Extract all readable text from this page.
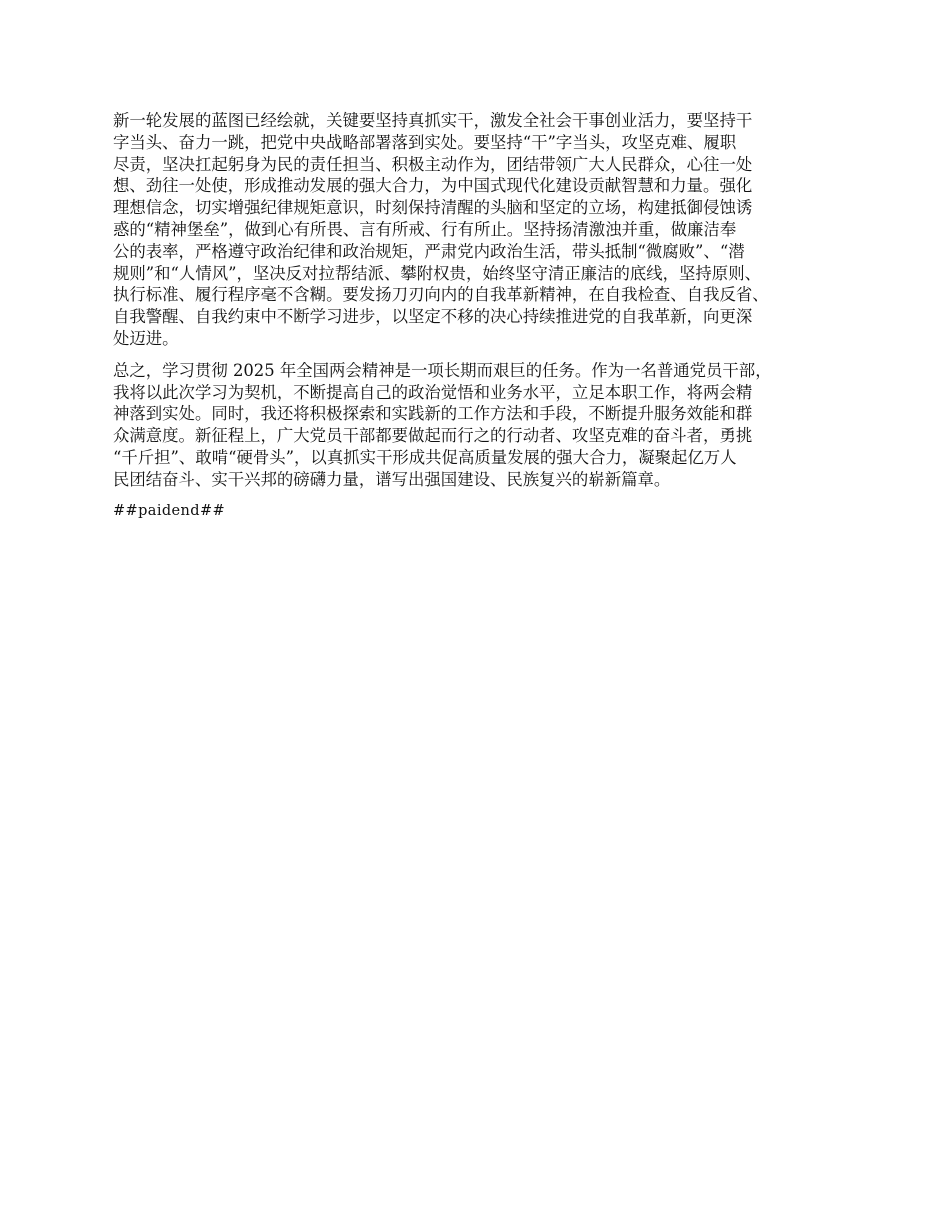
新一轮发展的蓝图已经绘就，关键要坚持真抓实干，激发全社会干事创业活力，要坚持干
字当头、奋力一跳，把党中央战略部署落到实处。要坚持“干”字当头，攻坚克难、履职
尽责，坚决扛起躬身为民的责任担当、积极主动作为，团结带领广大人民群众，心往一处
想、劲往一处使，形成推动发展的强大合力，为中国式现代化建设贡献智慧和力量。强化
理想信念，切实增强纪律规矩意识，时刻保持清醒的头脑和坚定的立场，构建抵御侵蚀诱
惑的“精神堡垒”，做到心有所畏、言有所戒、行有所止。坚持扬清激浊并重，做廉洁奉
公的表率，严格遵守政治纪律和政治规矩，严肃党内政治生活，带头抵制“微腐败”、“潜
规则”和“人情风”，坚决反对拉帮结派、攀附权贵，始终坚守清正廉洁的底线，坚持原则、
执行标准、履行程序毫不含糊。要发扬刀刃向内的自我革新精神，在自我检查、自我反省、
自我警醒、自我约束中不断学习进步，以坚定不移的决心持续推进党的自我革新，向更深
处迈进。
总之，学习贯彻 2025 年全国两会精神是一项长期而艰巨的任务。作为一名普通党员干部，
我将以此次学习为契机，不断提高自己的政治觉悟和业务水平，立足本职工作，将两会精
神落到实处。同时，我还将积极探索和实践新的工作方法和手段，不断提升服务效能和群
众满意度。新征程上，广大党员干部都要做起而行之的行动者、攻坚克难的奋斗者，勇挑
“千斤担”、敢啃“硬骨头”，以真抓实干形成共促高质量发展的强大合力，凝聚起亿万人
民团结奋斗、实干兴邦的磅礴力量，谱写出强国建设、民族复兴的崭新篇章。
##paidend##
